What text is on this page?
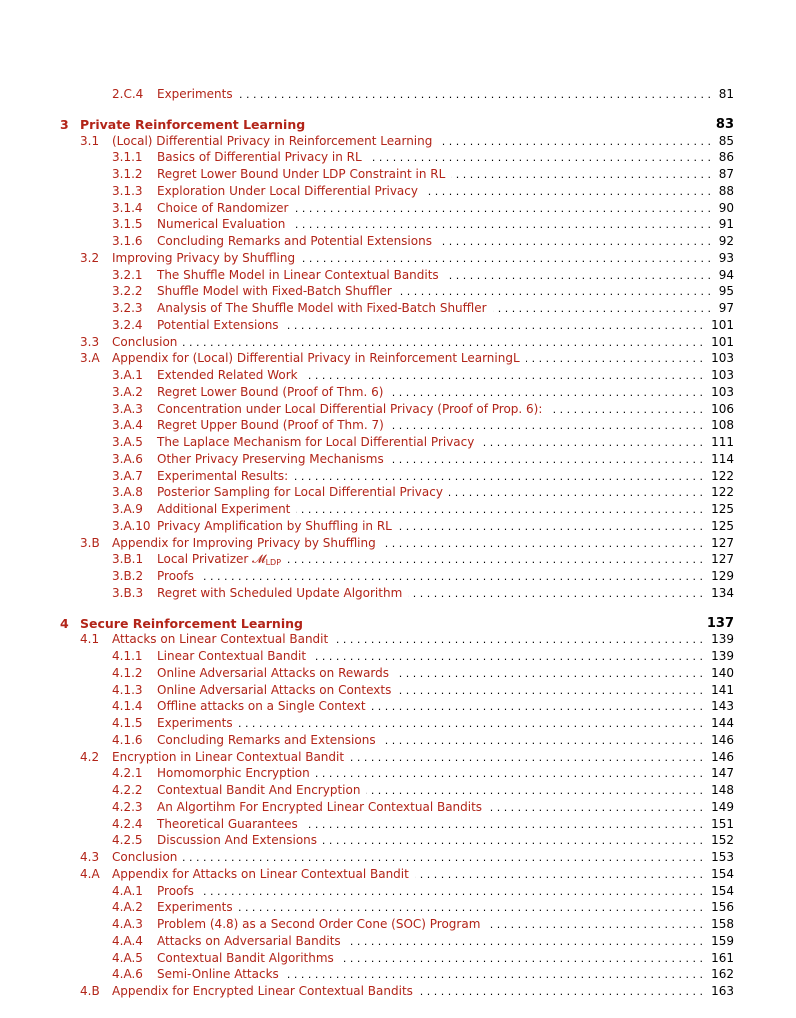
2.C.4 Experiments	81
. . .
3 Private Reinforcement Learning	83
3.1 (Local) Differential Privacy in Reinforcement Learning	85
. . .
3.1.1 Basics of Differential Privacy in RL	86
. . .
3.1.2 Regret Lower Bound Under LDP Constraint in RL	87
. . .
3.1.3 Exploration Under Local Differential Privacy	88
. . .
3.1.4 Choice of Randomizer	90
. . .
3.1.5 Numerical Evaluation	91
. . .
3.1.6 Concluding Remarks and Potential Extensions	92
. . .
3.2 Improving Privacy by Shuffling	93
. . .
3.2.1 The Shuffle Model in Linear Contextual Bandits	94
. . .
3.2.2 Shuffle Model with Fixed-Batch Shuffler	95
. . .
3.2.3 Analysis of The Shuffle Model with Fixed-Batch Shuffler	97
. . .
3.2.4 Potential Extensions	101
. . .
3.3 Conclusion	101
. . .
3.A Appendix for (Local) Differential Privacy in Reinforcement LearningL	103
. . .
3.A.1 Extended Related Work	103
. . .
3.A.2 Regret Lower Bound (Proof of Thm. 6)	103
. . .
3.A.3 Concentration under Local Differential Privacy (Proof of Prop. 6):	106
. . .
3.A.4 Regret Upper Bound (Proof of Thm. 7)	108
. . .
3.A.5 The Laplace Mechanism for Local Differential Privacy	111
. . .
3.A.6 Other Privacy Preserving Mechanisms	114
. . .
3.A.7 Experimental Results:	122
. . .
3.A.8 Posterior Sampling for Local Differential Privacy	122
. . .
3.A.9 Additional Experiment	125
. . .
3.A.10 Privacy Amplification by Shuffling in RL	125
. . .
3.B Appendix for Improving Privacy by Shuffling	127
. . .
3.B.1 Local Privatizer 𝓜$_{LDP}$	127
. . .
3.B.2 Proofs	129
. . .
3.B.3 Regret with Scheduled Update Algorithm	134
. . .
4 Secure Reinforcement Learning	137
4.1 Attacks on Linear Contextual Bandit	139
. . .
4.1.1 Linear Contextual Bandit	139
. . .
4.1.2 Online Adversarial Attacks on Rewards	140
. . .
4.1.3 Online Adversarial Attacks on Contexts	141
. . .
4.1.4 Offline attacks on a Single Context	143
. . .
4.1.5 Experiments	144
. . .
4.1.6 Concluding Remarks and Extensions	146
. . .
4.2 Encryption in Linear Contextual Bandit	146
. . .
4.2.1 Homomorphic Encryption	147
. . .
4.2.2 Contextual Bandit And Encryption	148
. . .
4.2.3 An Algortihm For Encrypted Linear Contextual Bandits	149
. . .
4.2.4 Theoretical Guarantees	151
. . .
4.2.5 Discussion And Extensions	152
. . .
4.3 Conclusion	153
. . .
4.A Appendix for Attacks on Linear Contextual Bandit	154
. . .
4.A.1 Proofs	154
. . .
4.A.2 Experiments	156
. . .
4.A.3 Problem (4.8) as a Second Order Cone (SOC) Program	158
. . .
4.A.4 Attacks on Adversarial Bandits	159
. . .
4.A.5 Contextual Bandit Algorithms	161
. . .
4.A.6 Semi-Online Attacks	162
. . .
4.B Appendix for Encrypted Linear Contextual Bandits	163
. . .
